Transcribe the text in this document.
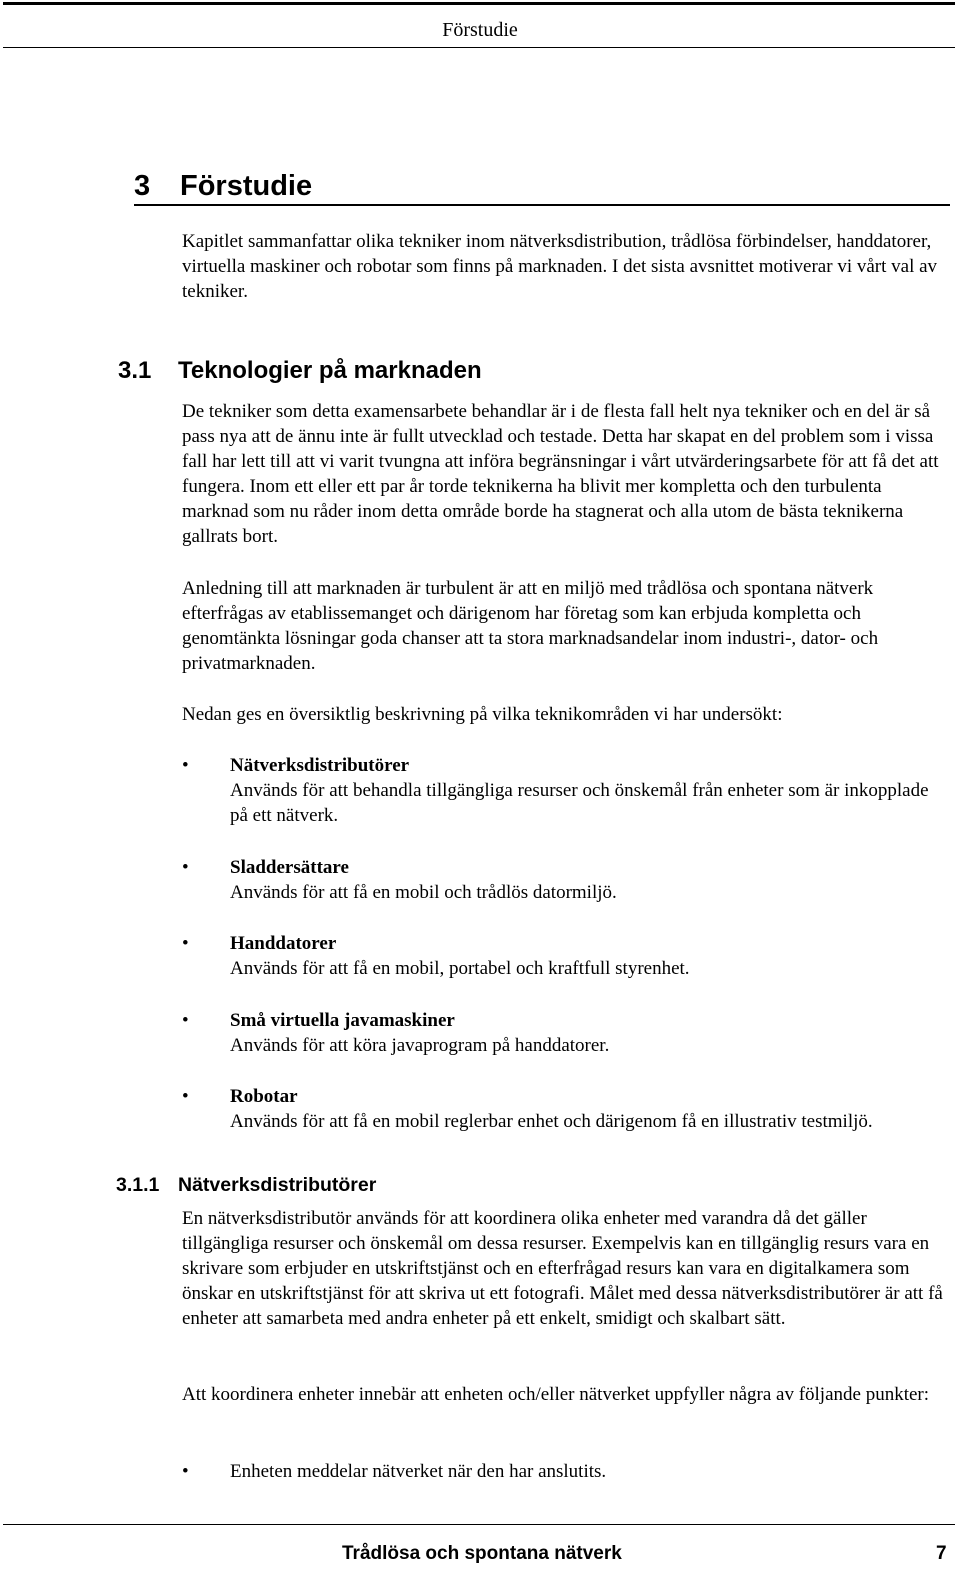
Förstudie
3 Förstudie

Kapitlet sammanfattar olika tekniker inom nätverksdistribution, trådlösa förbindelser, handdatorer, virtuella maskiner och robotar som finns på marknaden. I det sista avsnittet motiverar vi vårt val av tekniker.

3.1 Teknologier på marknaden

De tekniker som detta examensarbete behandlar är i de flesta fall helt nya tekniker och en del är så pass nya att de ännu inte är fullt utvecklad och testade. Detta har skapat en del problem som i vissa fall har lett till att vi varit tvungna att införa begränsningar i vårt utvärderingsarbete för att få det att fungera. Inom ett eller ett par år torde teknikerna ha blivit mer kompletta och den turbulenta marknad som nu råder inom detta område borde ha stagnerat och alla utom de bästa teknikerna gallrats bort.

Anledning till att marknaden är turbulent är att en miljö med trådlösa och spontana nätverk efterfrågas av etablissemanget och därigenom har företag som kan erbjuda kompletta och genomtänkta lösningar goda chanser att ta stora marknadsandelar inom industri-, dator- och privatmarknaden.

Nedan ges en översiktlig beskrivning på vilka teknikområden vi har undersökt:

•	Nätverksdistributörer
Används för att behandla tillgängliga resurser och önskemål från enheter som är inkopplade på ett nätverk.
•	Sladdersättare
Används för att få en mobil och trådlös datormiljö.
•	Handdatorer
Används för att få en mobil, portabel och kraftfull styrenhet.
•	Små virtuella javamaskiner
Används för att köra javaprogram på handdatorer.
•	Robotar
Används för att få en mobil reglerbar enhet och därigenom få en illustrativ testmiljö.
3.1.1 Nätverksdistributörer

En nätverksdistributör används för att koordinera olika enheter med varandra då det gäller tillgängliga resurser och önskemål om dessa resurser. Exempelvis kan en tillgänglig resurs vara en skrivare som erbjuder en utskriftstjänst och en efterfrågad resurs kan vara en digitalkamera som önskar en utskriftstjänst för att skriva ut ett fotografi. Målet med dessa nätverksdistributörer är att få enheter att samarbeta med andra enheter på ett enkelt, smidigt och skalbart sätt.

Att koordinera enheter innebär att enheten och/eller nätverket uppfyller några av följande punkter:

•	Enheten meddelar nätverket när den har anslutits.
Trådlösa och spontana nätverk	7
